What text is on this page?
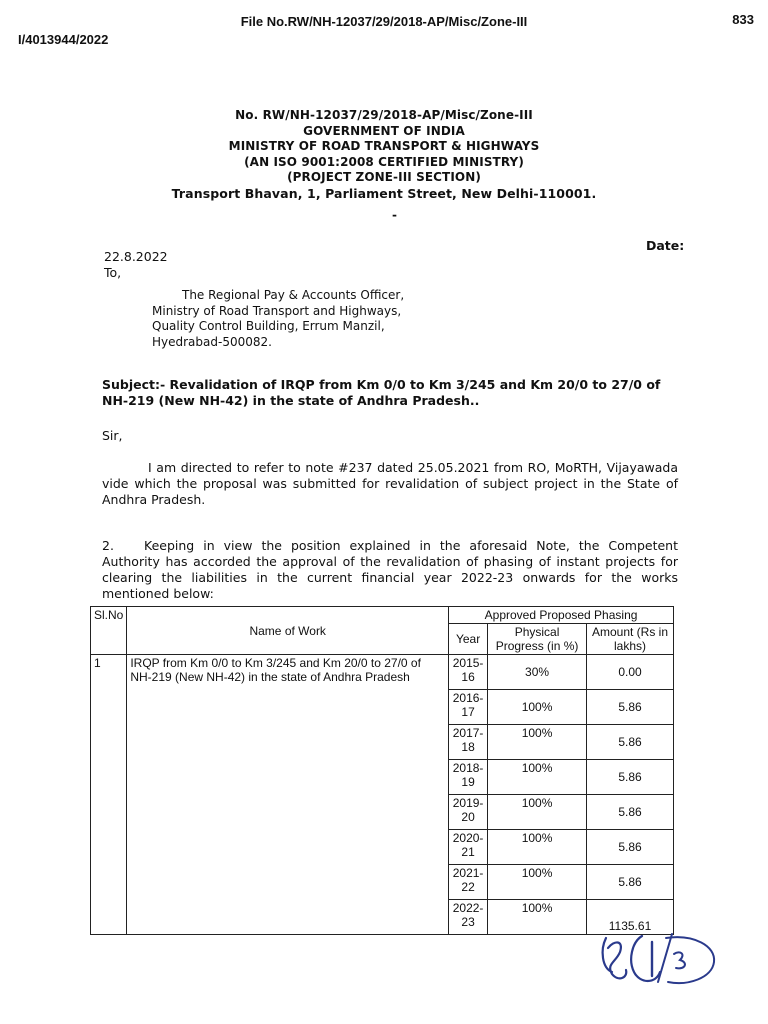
File No.RW/NH-12037/29/2018-AP/Misc/Zone-III	833
I/4013944/2022
No. RW/NH-12037/29/2018-AP/Misc/Zone-III
GOVERNMENT OF INDIA
MINISTRY OF ROAD TRANSPORT & HIGHWAYS
(AN ISO 9001:2008 CERTIFIED MINISTRY)
(PROJECT ZONE-III SECTION)
Transport Bhavan, 1, Parliament Street, New Delhi-110001.
-
Date:
22.8.2022
To,
The Regional Pay & Accounts Officer,
Ministry of Road Transport and Highways,
Quality Control Building, Errum Manzil,
Hyedrabad-500082.
Subject:- Revalidation of IRQP from Km 0/0 to Km 3/245 and Km 20/0 to 27/0 of NH-219 (New NH-42) in the state of Andhra Pradesh..
Sir,
I am directed to refer to note #237 dated 25.05.2021 from RO, MoRTH, Vijayawada vide which the proposal was submitted for revalidation of subject project in the State of Andhra Pradesh.
2. Keeping in view the position explained in the aforesaid Note, the Competent Authority has accorded the approval of the revalidation of phasing of instant projects for clearing the liabilities in the current financial year 2022-23 onwards for the works mentioned below:
Sl.No	Name of Work	Approved Proposed Phasing		
		Year	Physical Progress (in %)	Amount (Rs in lakhs)
1	IRQP from Km 0/0 to Km 3/245 and Km 20/0 to 27/0 of NH-219 (New NH-42) in the state of Andhra Pradesh	2015-16	30%	0.00
		2016-17	100%	5.86
		2017-18	100%	5.86
		2018-19	100%	5.86
		2019-20	100%	5.86
		2020-21	100%	5.86
		2021-22	100%	5.86
		2022-23	100%	1135.61
